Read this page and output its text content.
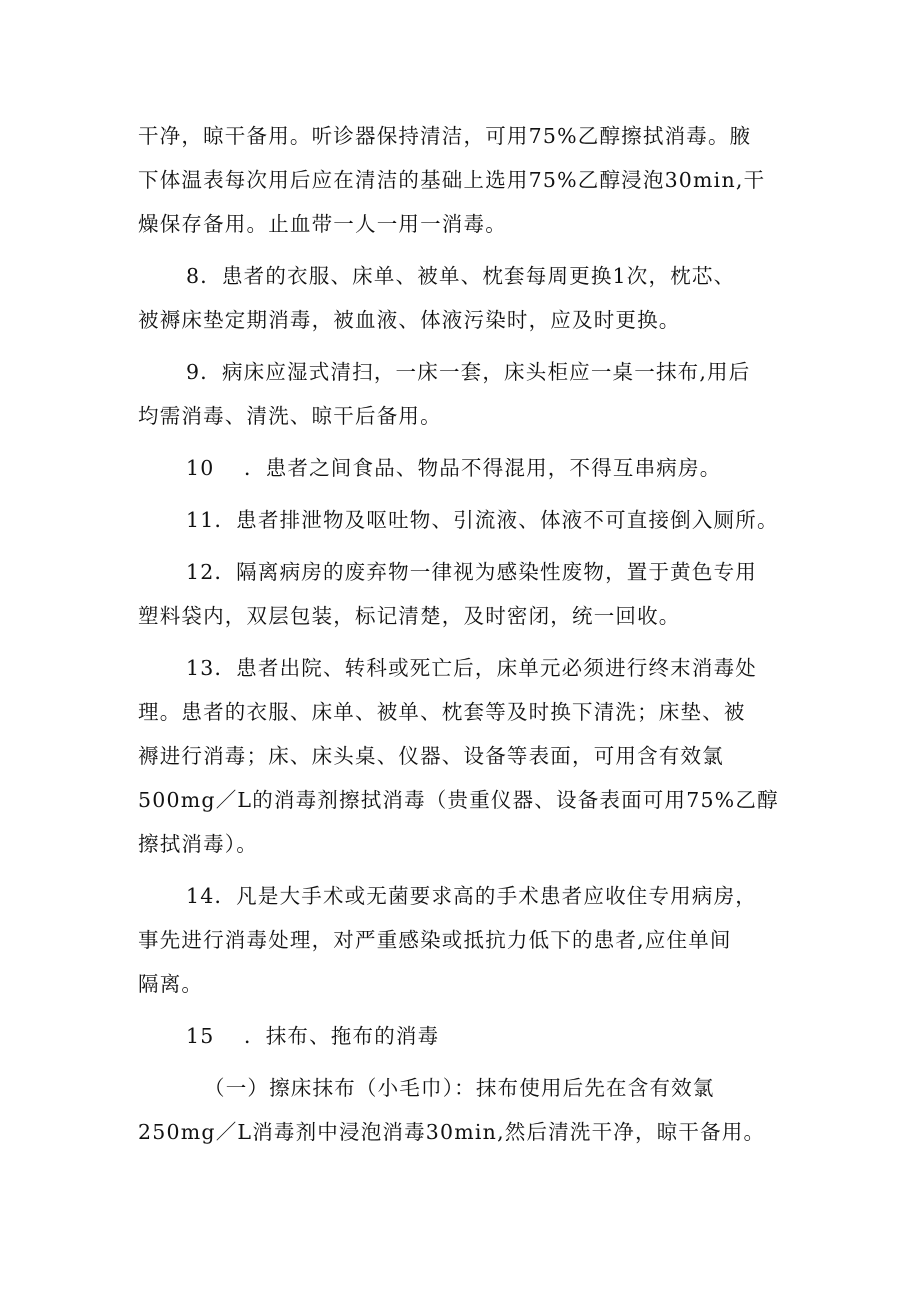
干净，晾干备用。听诊器保持清洁，可用75%乙醇擦拭消毒。腋
下体温表每次用后应在清洁的基础上选用75%乙醇浸泡30min,干
燥保存备用。止血带一人一用一消毒。
8．患者的衣服、床单、被单、枕套每周更换1次，枕芯、
被褥床垫定期消毒，被血液、体液污染时，应及时更换。
9．病床应湿式清扫，一床一套，床头柜应一桌一抹布,用后
均需消毒、清洗、晾干后备用。
10 ．患者之间食品、物品不得混用，不得互串病房。
11．患者排泄物及呕吐物、引流液、体液不可直接倒入厕所。
12．隔离病房的废弃物一律视为感染性废物，置于黄色专用
塑料袋内，双层包装，标记清楚，及时密闭，统一回收。
13．患者出院、转科或死亡后，床单元必须进行终末消毒处
理。患者的衣服、床单、被单、枕套等及时换下清洗；床垫、被
褥进行消毒；床、床头桌、仪器、设备等表面，可用含有效氯
500mg／L的消毒剂擦拭消毒（贵重仪器、设备表面可用75%乙醇
擦拭消毒）。
14．凡是大手术或无菌要求高的手术患者应收住专用病房，
事先进行消毒处理，对严重感染或抵抗力低下的患者,应住单间
隔离。
15 ．抹布、拖布的消毒
（一）擦床抹布（小毛巾）：抹布使用后先在含有效氯
250mg／L消毒剂中浸泡消毒30min,然后清洗干净，晾干备用。
